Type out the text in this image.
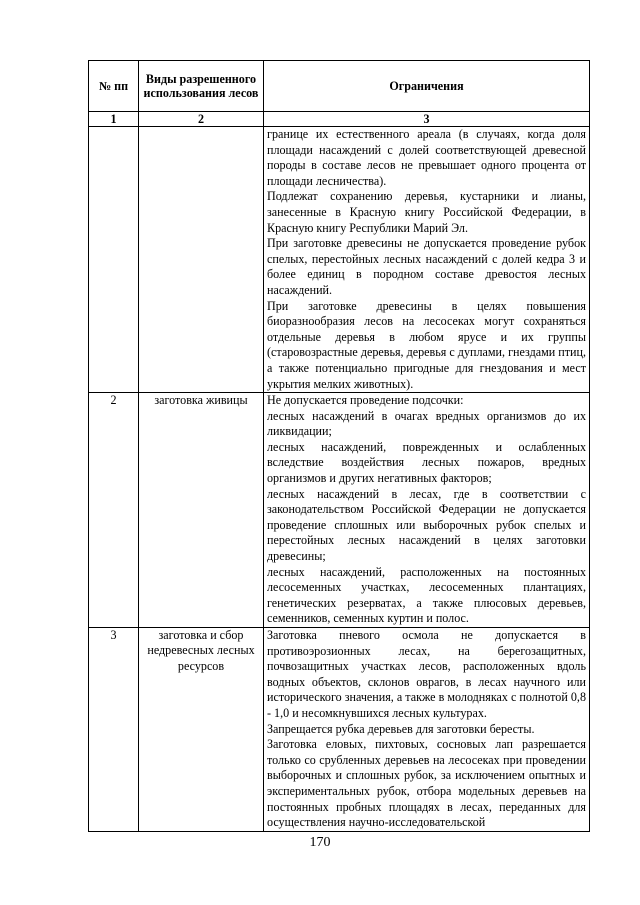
№ пп	Виды разрешенного использования лесов	Ограничения
1	2	3

		границе их естественного ареала (в случаях, когда доля площади насаждений с долей соответствующей древесной породы в составе лесов не превышает одного процента от площади лесничества).

Подлежат сохранению деревья, кустарники и лианы, занесенные в Красную книгу Российской Федерации, в Красную книгу Республики Марий Эл.

При заготовке древесины не допускается проведение рубок спелых, перестойных лесных насаждений с долей кедра 3 и более единиц в породном составе древостоя лесных насаждений.

При заготовке древесины в целях повышения биоразнообразия лесов на лесосеках могут сохраняться отдельные деревья в любом ярусе и их группы (старовозрастные деревья, деревья с дуплами, гнездами птиц, а также потенциально пригодные для гнездования и мест укрытия мелких животных).

2	заготовка живицы	Не допускается проведение подсочки:

лесных насаждений в очагах вредных организмов до их ликвидации;

лесных насаждений, поврежденных и ослабленных вследствие воздействия лесных пожаров, вредных организмов и других негативных факторов;

лесных насаждений в лесах, где в соответствии с законодательством Российской Федерации не допускается проведение сплошных или выборочных рубок спелых и перестойных лесных насаждений в целях заготовки древесины;

лесных насаждений, расположенных на постоянных лесосеменных участках, лесосеменных плантациях, генетических резерватах, а также плюсовых деревьев, семенников, семенных куртин и полос.

3	заготовка и сбор недревесных лесных ресурсов	Заготовка пневого осмола не допускается в противоэрозионных лесах, на берегозащитных, почвозащитных участках лесов, расположенных вдоль водных объектов, склонов оврагов, в лесах научного или исторического значения, а также в молодняках с полнотой 0,8 - 1,0 и несомкнувшихся лесных культурах.

Запрещается рубка деревьев для заготовки бересты.

Заготовка еловых, пихтовых, сосновых лап разрешается только со срубленных деревьев на лесосеках при проведении выборочных и сплошных рубок, за исключением опытных и экспериментальных рубок, отбора модельных деревьев на постоянных пробных площадях в лесах, переданных для осуществления научно-исследовательской

170
